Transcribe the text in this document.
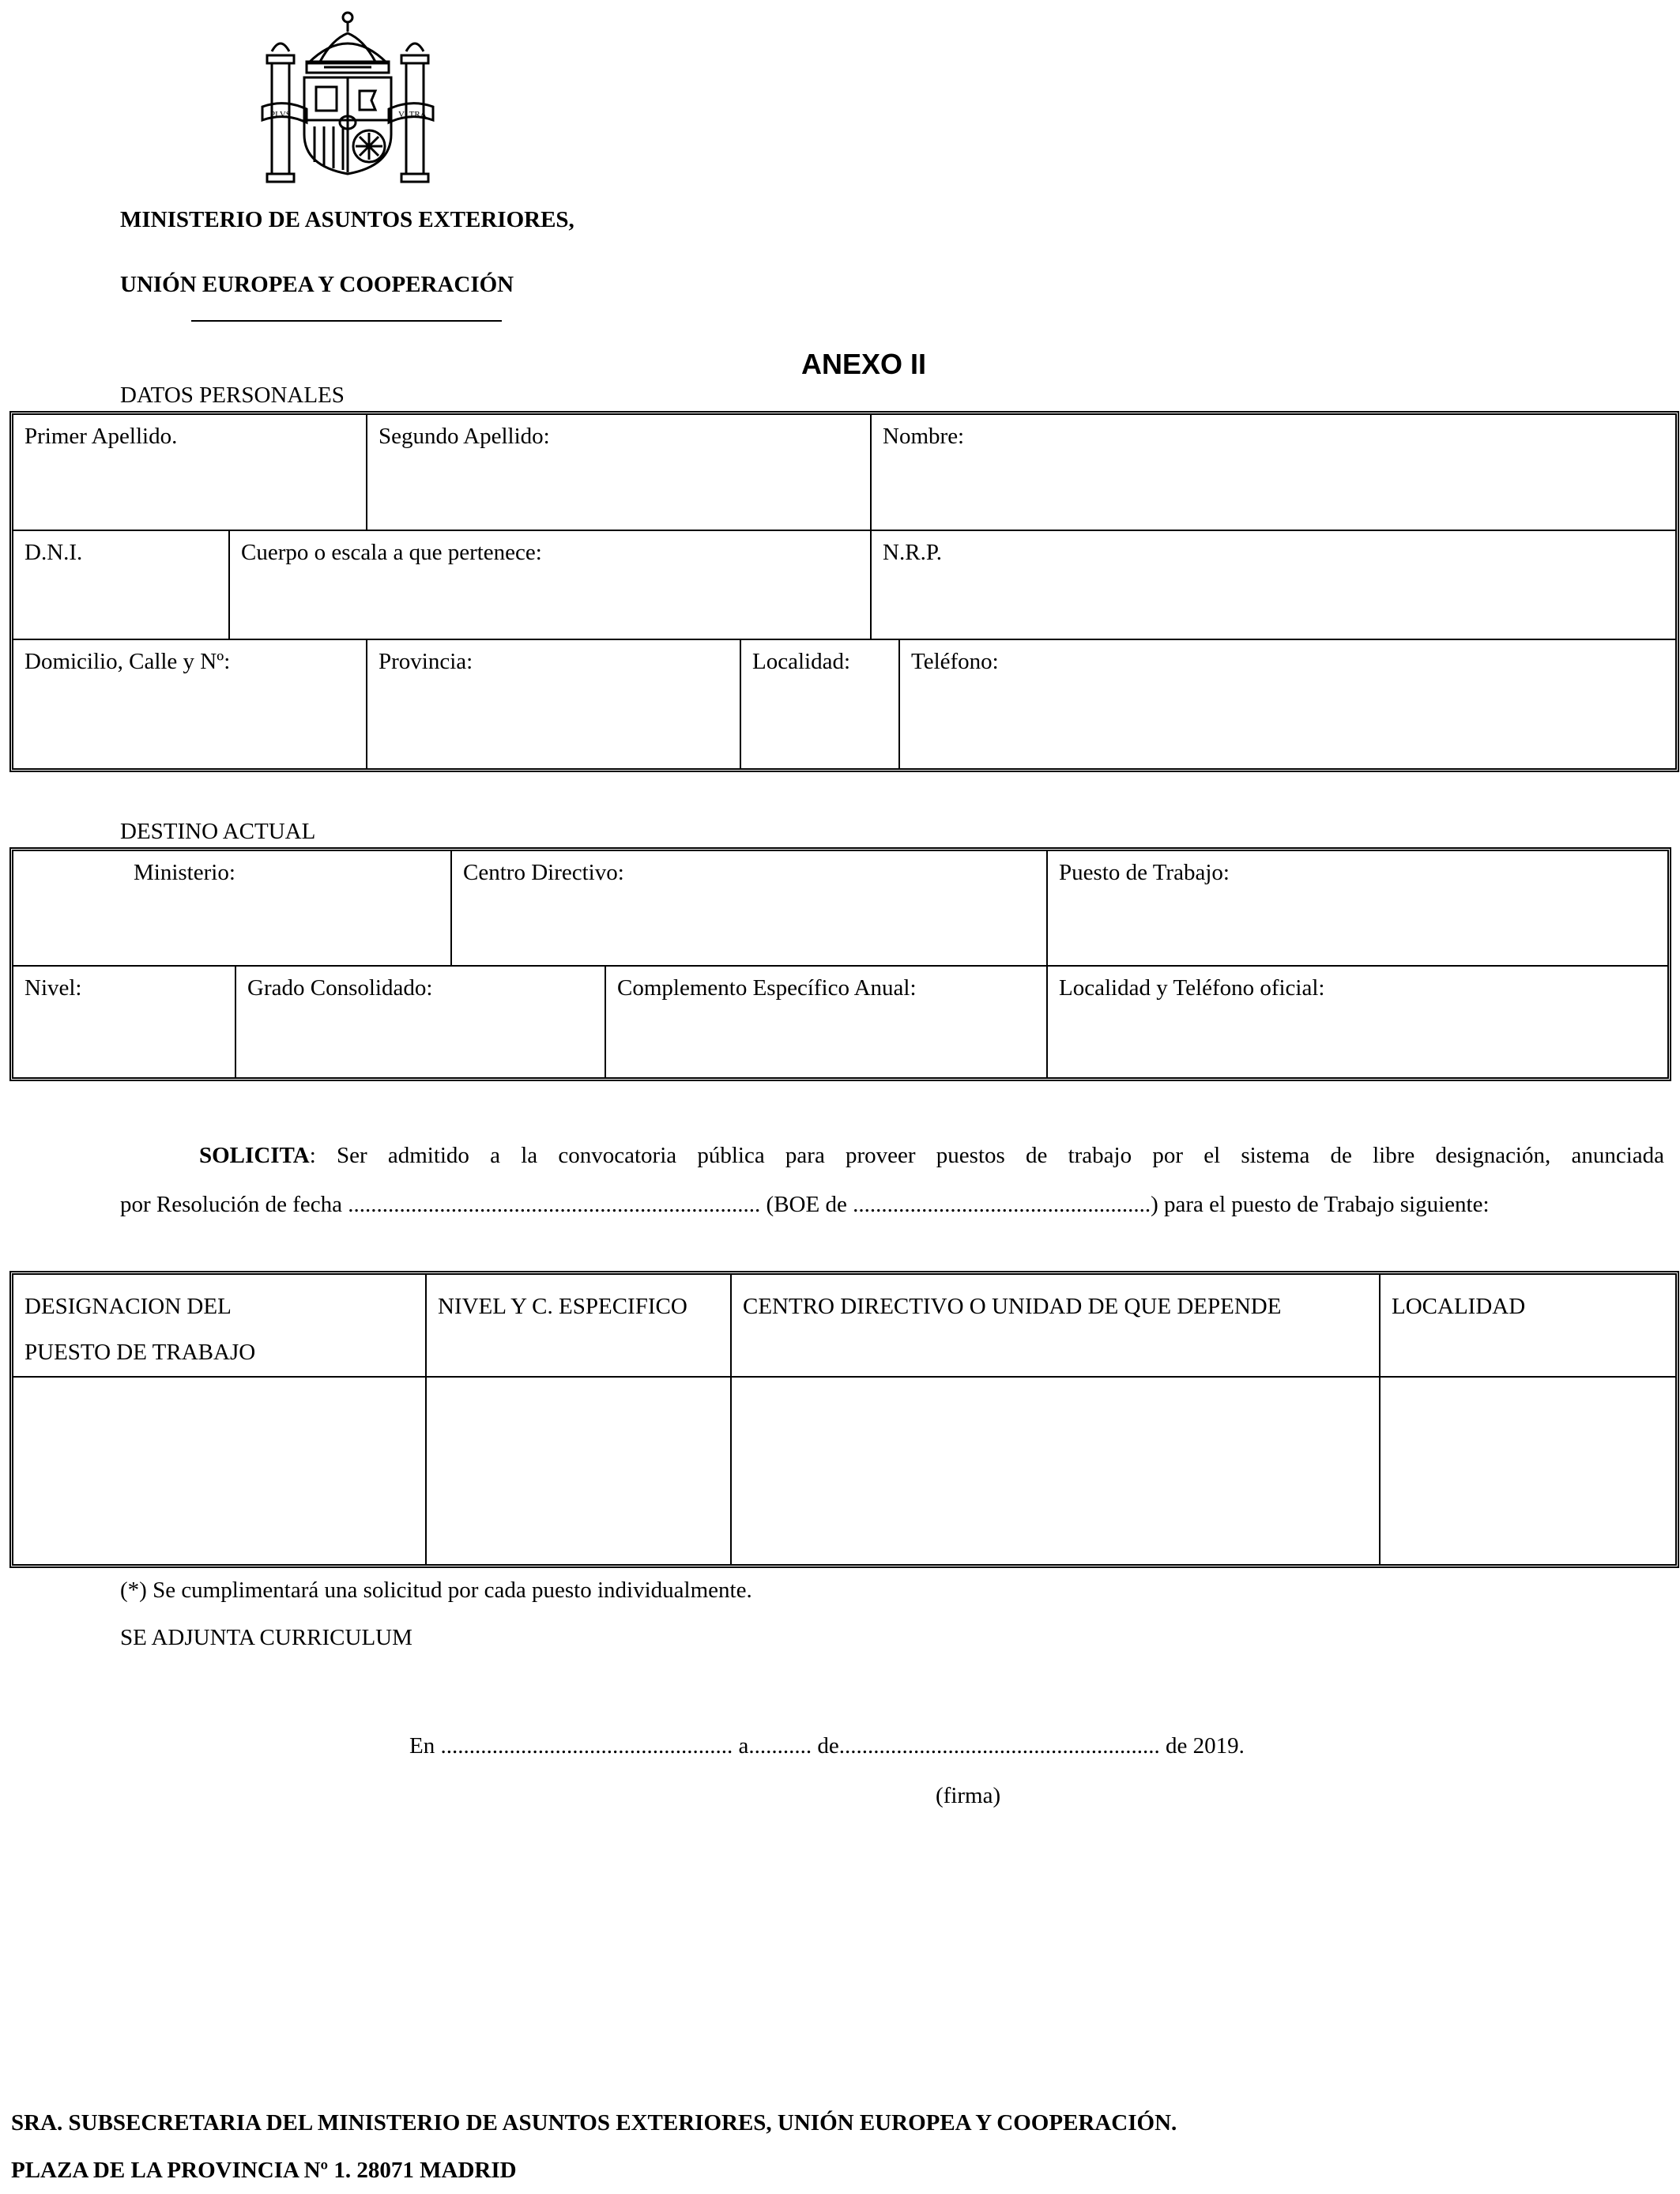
PLVS	VLTRA
MINISTERIO DE ASUNTOS EXTERIORES,
UNIÓN EUROPEA Y COOPERACIÓN
ANEXO II
DATOS PERSONALES
Primer Apellido.		Segundo Apellido:		Nombre:	

D.N.I.	Cuerpo o escala a que pertenece:			N.R.P.	

Domicilio, Calle y Nº:		Provincia:	Localidad:		Teléfono:
DESTINO ACTUAL
Ministerio:		Centro Directivo:		Puesto de Trabajo:

Nivel:	Grado Consolidado:		Complemento Específico Anual:	Localidad y Teléfono oficial:
SOLICITA: Ser admitido a la convocatoria pública para proveer puestos de trabajo por el sistema de libre designación, anunciada
por Resolución de fecha ........................................................................ (BOE de ....................................................) para el puesto de Trabajo siguiente:
DESIGNACION DEL
PUESTO DE TRABAJO	NIVEL Y C. ESPECIFICO	CENTRO DIRECTIVO O UNIDAD DE QUE DEPENDE	LOCALIDAD

(*) Se cumplimentará una solicitud por cada puesto individualmente.
SE ADJUNTA CURRICULUM
En ................................................... a........... de........................................................ de 2019.
(firma)
SRA. SUBSECRETARIA DEL MINISTERIO DE ASUNTOS EXTERIORES, UNIÓN EUROPEA Y COOPERACIÓN.
PLAZA DE LA PROVINCIA Nº 1. 28071 MADRID
